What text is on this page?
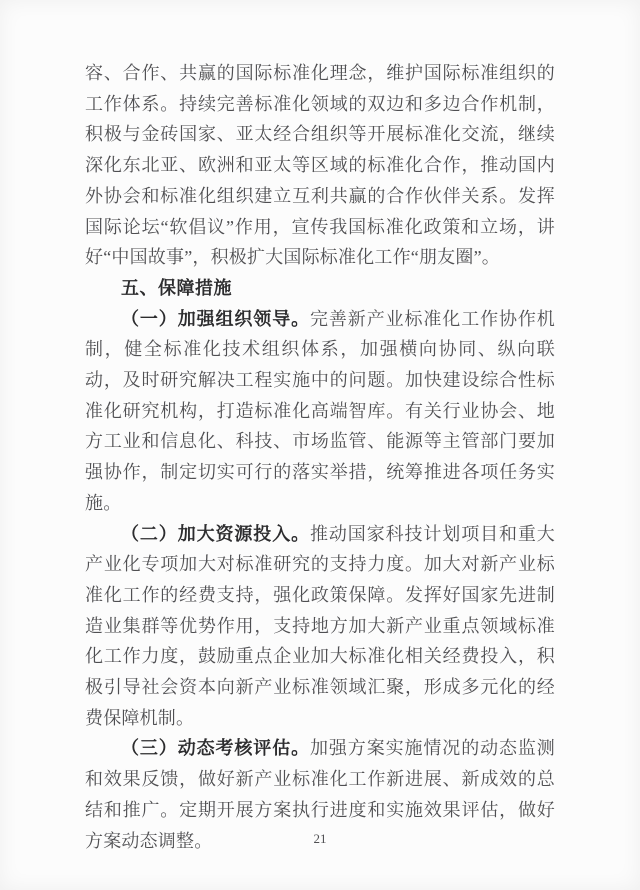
容、合作、共赢的国际标准化理念，维护国际标准组织的工作体系。持续完善标准化领域的双边和多边合作机制，积极与金砖国家、亚太经合组织等开展标准化交流，继续深化东北亚、欧洲和亚太等区域的标准化合作，推动国内外协会和标准化组织建立互利共赢的合作伙伴关系。发挥国际论坛“软倡议”作用，宣传我国标准化政策和立场，讲好“中国故事”，积极扩大国际标准化工作“朋友圈”。

五、保障措施

（一）加强组织领导。完善新产业标准化工作协作机制，健全标准化技术组织体系，加强横向协同、纵向联动，及时研究解决工程实施中的问题。加快建设综合性标准化研究机构，打造标准化高端智库。有关行业协会、地方工业和信息化、科技、市场监管、能源等主管部门要加强协作，制定切实可行的落实举措，统筹推进各项任务实施。

（二）加大资源投入。推动国家科技计划项目和重大产业化专项加大对标准研究的支持力度。加大对新产业标准化工作的经费支持，强化政策保障。发挥好国家先进制造业集群等优势作用，支持地方加大新产业重点领域标准化工作力度，鼓励重点企业加大标准化相关经费投入，积极引导社会资本向新产业标准领域汇聚，形成多元化的经费保障机制。

（三）动态考核评估。加强方案实施情况的动态监测和效果反馈，做好新产业标准化工作新进展、新成效的总结和推广。定期开展方案执行进度和实施效果评估，做好方案动态调整。	21
